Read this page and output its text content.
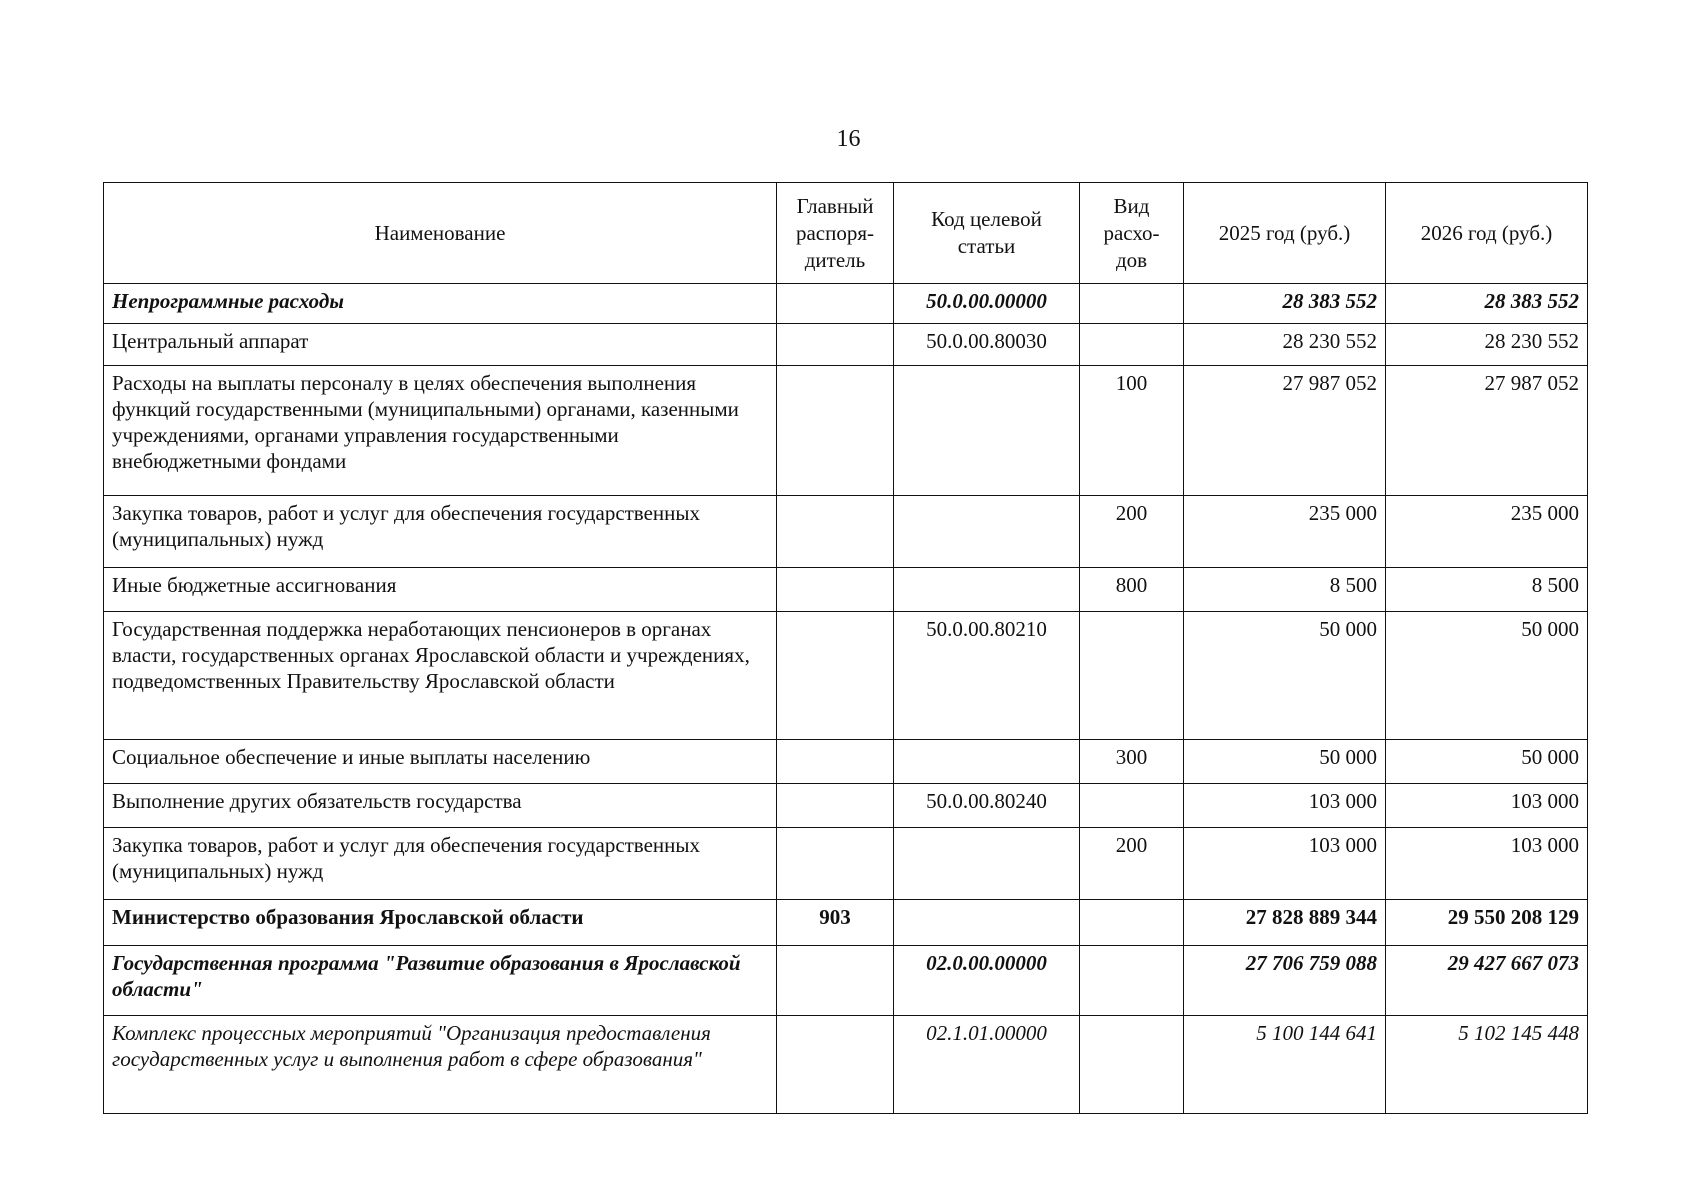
16
Наименование	Главный распоря-дитель	Код целевой статьи	Вид расхо-дов	2025 год (руб.)	2026 год (руб.)
Непрограммные расходы		50.0.00.00000		28 383 552	28 383 552
Центральный аппарат		50.0.00.80030		28 230 552	28 230 552
Расходы на выплаты персоналу в целях обеспечения выполнения функций государственными (муниципальными) органами, казенными учреждениями, органами управления государственными внебюджетными фондами			100	27 987 052	27 987 052
Закупка товаров, работ и услуг для обеспечения государственных (муниципальных) нужд			200	235 000	235 000
Иные бюджетные ассигнования			800	8 500	8 500
Государственная поддержка неработающих пенсионеров в органах власти, государственных органах Ярославской области и учреждениях, подведомственных Правительству Ярославской области		50.0.00.80210		50 000	50 000
Социальное обеспечение и иные выплаты населению			300	50 000	50 000
Выполнение других обязательств государства		50.0.00.80240		103 000	103 000
Закупка товаров, работ и услуг для обеспечения государственных (муниципальных) нужд			200	103 000	103 000
Министерство образования Ярославской области	903			27 828 889 344	29 550 208 129
Государственная программа "Развитие образования в Ярославской области"		02.0.00.00000		27 706 759 088	29 427 667 073
Комплекс процессных мероприятий "Организация предоставления государственных услуг и выполнения работ в сфере образования"		02.1.01.00000		5 100 144 641	5 102 145 448
